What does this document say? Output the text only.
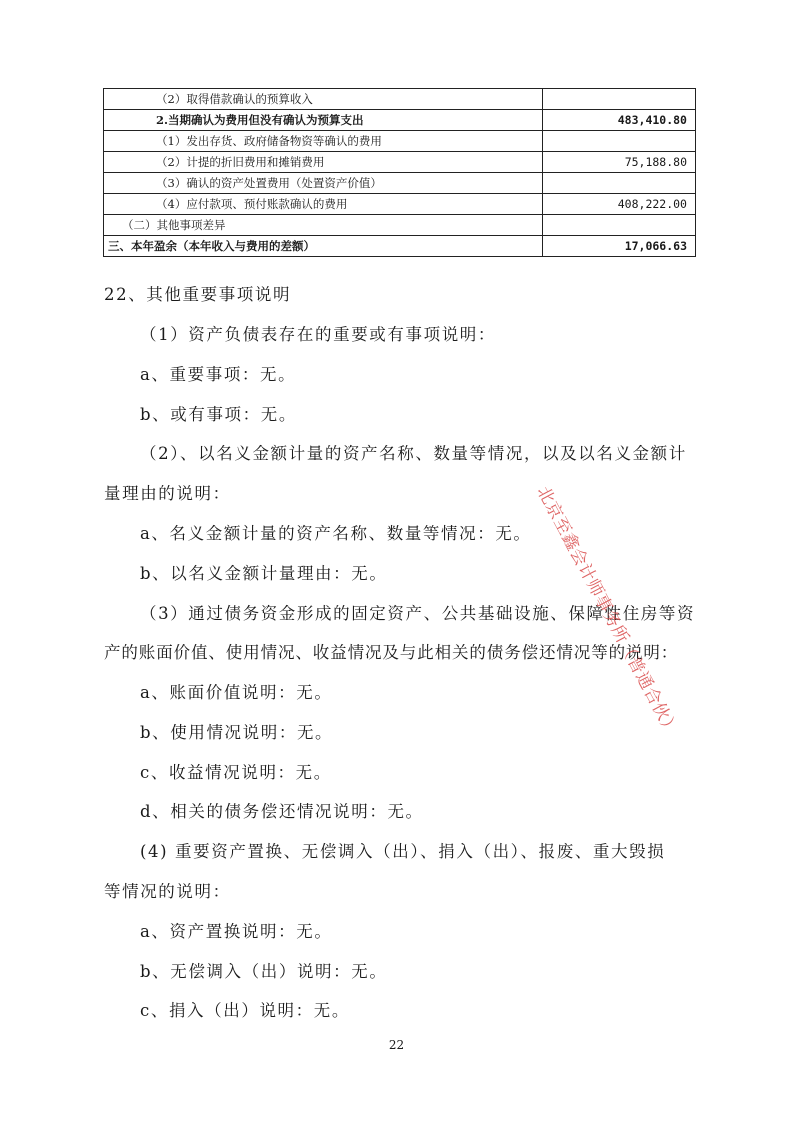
（2）取得借款确认的预算收入	
2.当期确认为费用但没有确认为预算支出	483,410.80
（1）发出存货、政府储备物资等确认的费用	
（2）计提的折旧费用和摊销费用	75,188.80
（3）确认的资产处置费用（处置资产价值）	
（4）应付款项、预付账款确认的费用	408,222.00
（二）其他事项差异	
三、本年盈余（本年收入与费用的差额）	17,066.63
22、其他重要事项说明
（1）资产负债表存在的重要或有事项说明：
a、重要事项：无。
b、或有事项：无。
（2）、以名义金额计量的资产名称、数量等情况，以及以名义金额计
量理由的说明：
a、名义金额计量的资产名称、数量等情况：无。
b、以名义金额计量理由：无。
（3）通过债务资金形成的固定资产、公共基础设施、保障性住房等资
产的账面价值、使用情况、收益情况及与此相关的债务偿还情况等的说明：
a、账面价值说明：无。
b、使用情况说明：无。
c、收益情况说明：无。
d、相关的债务偿还情况说明：无。
(4) 重要资产置换、无偿调入（出）、捐入（出）、报废、重大毁损
等情况的说明：
a、资产置换说明：无。
b、无偿调入（出）说明：无。
c、捐入（出）说明：无。
北京至鑫会计师事务所（普通合伙）
22
